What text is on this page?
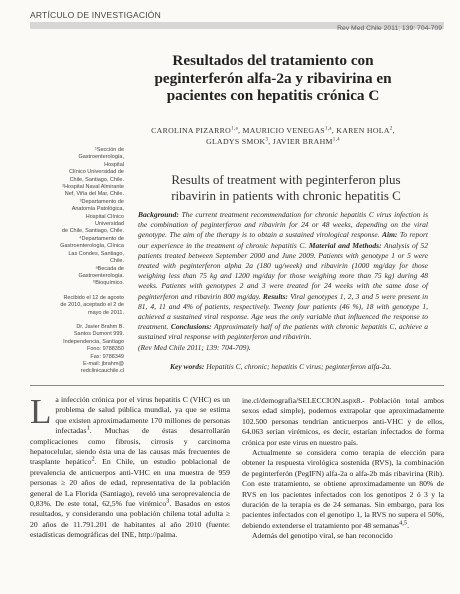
ARTÍCULO DE INVESTIGACIÓN
Rev Med Chile 2011; 139: 704-709
Resultados del tratamiento con
peginterferón alfa-2a y ribavirina en
pacientes con hepatitis crónica C
CAROLINA PIZARRO$^{1,a}$, MAURICIO VENEGAS$^{1,a}$, KAREN HOLA$^2$,
GLADYS SMOK$^3$, JAVIER BRAHM$^{1,4}$

¹Sección de

Gastroenterología, Hospital

Clínico Universidad de

Chile, Santiago, Chile.

²Hospital Naval Almirante

Nef, Viña del Mar, Chile.

³Departamento de

Anatomía Patológica,

Hospital Clínico Universidad

de Chile, Santiago, Chile.

⁴Departamento de

Gastroenterología, Clínica

Las Condes, Santiago,

Chile.

ᵃBecada de

Gastroenterología.

ᵇBioquímico.

Recibido el 12 de agosto

de 2010, aceptado el 2 de

mayo de 2011.

Dr. Javier Brahm B.

Santos Dumont 999.

Independencia, Santiago

Fono: 9788350

Fax: 9788349

E-mail: jbrahm@

redclinicauchile.cl

Results of treatment with peginterferon plus
ribavirin in patients with chronic hepatitis C
Background: The current treatment recommendation for chronic hepatitis C virus infection is the combination of peginterferon and ribavirin for 24 or 48 weeks, depending on the viral genotype. The aim of the therapy is to obtain a sustained virological response. Aim: To report our experience in the treatment of chronic hepatitis C. Material and Methods: Analysis of 52 patients treated between September 2000 and June 2009. Patients with genotype 1 or 5 were treated with peginterferon alpha 2a (180 ug/week) and ribavirin (1000 mg/day for those weighing less than 75 kg and 1200 mg/day for those weighing more than 75 kg) during 48 weeks. Patients with genotypes 2 and 3 were treated for 24 weeks with the same dose of peginterferon and ribavirin 800 mg/day. Results: Viral genotypes 1, 2, 3 and 5 were present in 81, 4, 11 and 4% of patients, respectively. Twenty four patients (46 %), 18 with genotype 1, achieved a sustained viral response. Age was the only variable that influenced the response to treatment. Conclusions: Approximately half of the patients with chronic hepatitis C, achieve a sustained viral response with peginterferon and ribavirin.
(Rev Med Chile 2011; 139: 704-709).
Key words: Hepatitis C, chronic; hepatitis C virus; peginterferon alfa-2a.

La infección crónica por el virus hepatitis C (VHC) es un problema de salud pública mundial, ya que se estima que existen aproximadamente 170 millones de personas infectadas$^1$. Muchas de éstas desarrollarán complicaciones como fibrosis, cirrosis y carcinoma hepatocelular, siendo ésta una de las causas más frecuentes de trasplante hepático$^2$. En Chile, un estudio poblacional de prevalencia de anticuerpos anti-VHC en una muestra de 959 personas ≥ 20 años de edad, representativa de la población general de La Florida (Santiago), reveló una seroprevalencia de 0,83%. De este total, 62,5% fue virémico$^3$. Basados en estos resultados, y considerando una población chilena total adulta ≥ 20 años de 11.791.201 de habitantes al año 2010 (fuente: estadísticas demográficas del INE, http://palma.

ine.cl/demografia/SELECCION.aspx8.- Población total ambos sexos edad simple), podemos extrapolar que aproximadamente 102.500 personas tendrían anticuerpos anti-VHC y de ellos, 64.063 serían virémicos, es decir, estarían infectados de forma crónica por este virus en nuestro país.

Actualmente se considera como terapia de elección para obtener la respuesta virológica sostenida (RVS), la combinación de peginterferón (PegIFN) alfa-2a o alfa-2b más ribavirina (Rib). Con este tratamiento, se obtiene aproximadamente un 80% de RVS en los pacientes infectados con los genotipos 2 ó 3 y la duración de la terapia es de 24 semanas. Sin embargo, para los pacientes infectados con el genotipo 1, la RVS no supera el 50%, debiendo extenderse el tratamiento por 48 semanas$^{4,5}$.

Además del genotipo viral, se han reconocido
